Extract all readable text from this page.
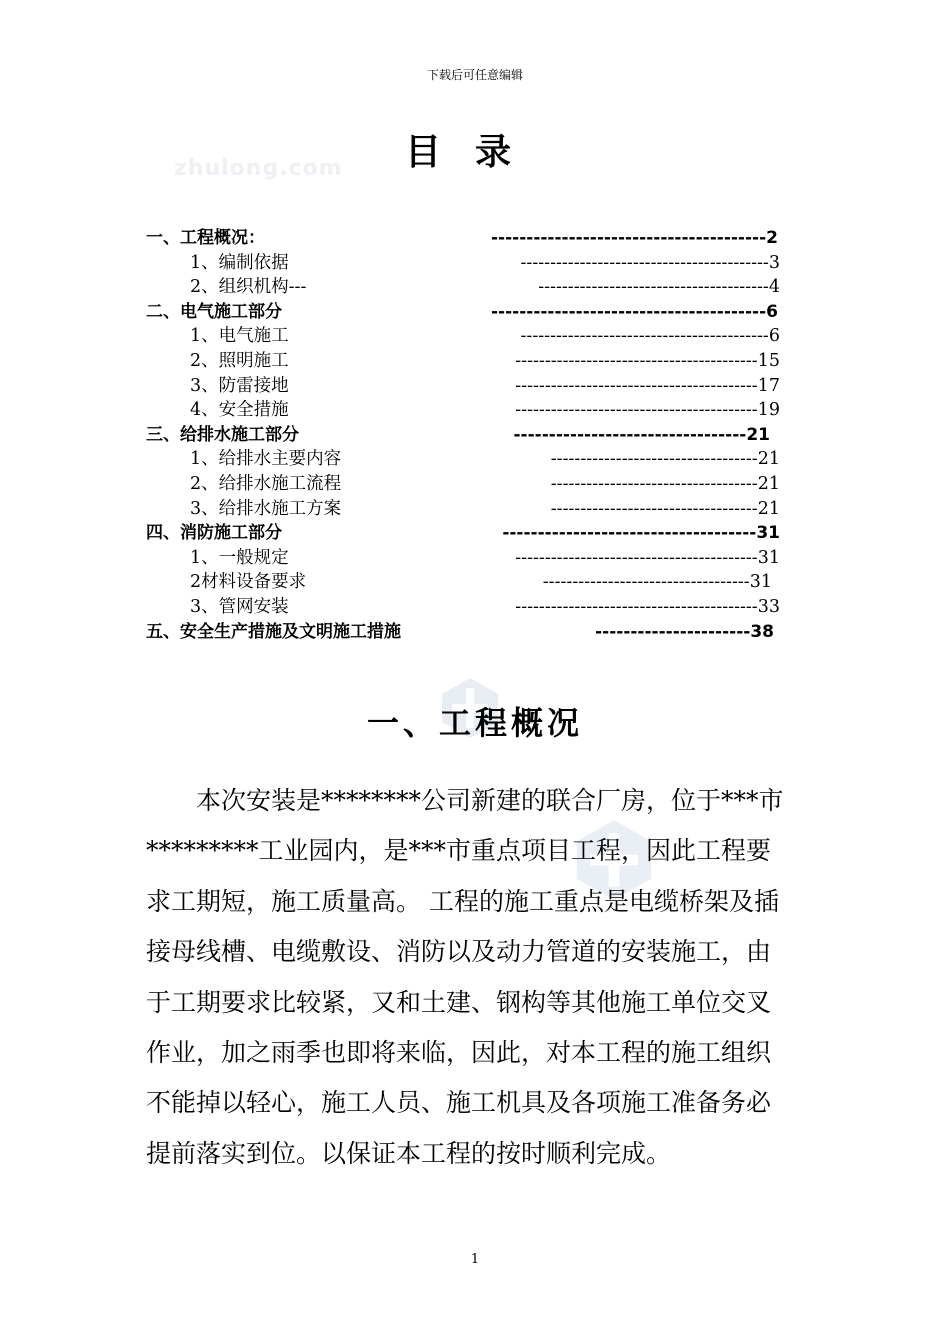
下载后可任意编辑
zhulong.com	目录
一、工程概况：	--------------------------------------- 2
1、编制依据	------------------------------------------ 3
2、组织机构---	--------------------------------------- 4
二、电气施工部分	--------------------------------------- 6
1、电气施工	------------------------------------------ 6
2、照明施工	----------------------------------------- 15
3、防雷接地	----------------------------------------- 17
4、安全措施	----------------------------------------- 19
三、给排水施工部分	--------------------------------- 21
1、给排水主要内容	----------------------------------- 21
2、给排水施工流程	----------------------------------- 21
3、给排水施工方案	----------------------------------- 21
四、消防施工部分	------------------------------------ 31
1、一般规定	----------------------------------------- 31
2材料设备要求	----------------------------------- 31
3、管网安装	----------------------------------------- 33
五、安全生产措施及文明施工措施	---------------------- 38
一、工程概况
本次安装是********公司新建的联合厂房，位于***市
*********工业园内，是***市重点项目工程，因此工程要
求工期短，施工质量高。 工程的施工重点是电缆桥架及插
接母线槽、电缆敷设、消防以及动力管道的安装施工，由
于工期要求比较紧，又和土建、钢构等其他施工单位交叉
作业，加之雨季也即将来临，因此，对本工程的施工组织
不能掉以轻心，施工人员、施工机具及各项施工准备务必
提前落实到位。以保证本工程的按时顺利完成。
1
